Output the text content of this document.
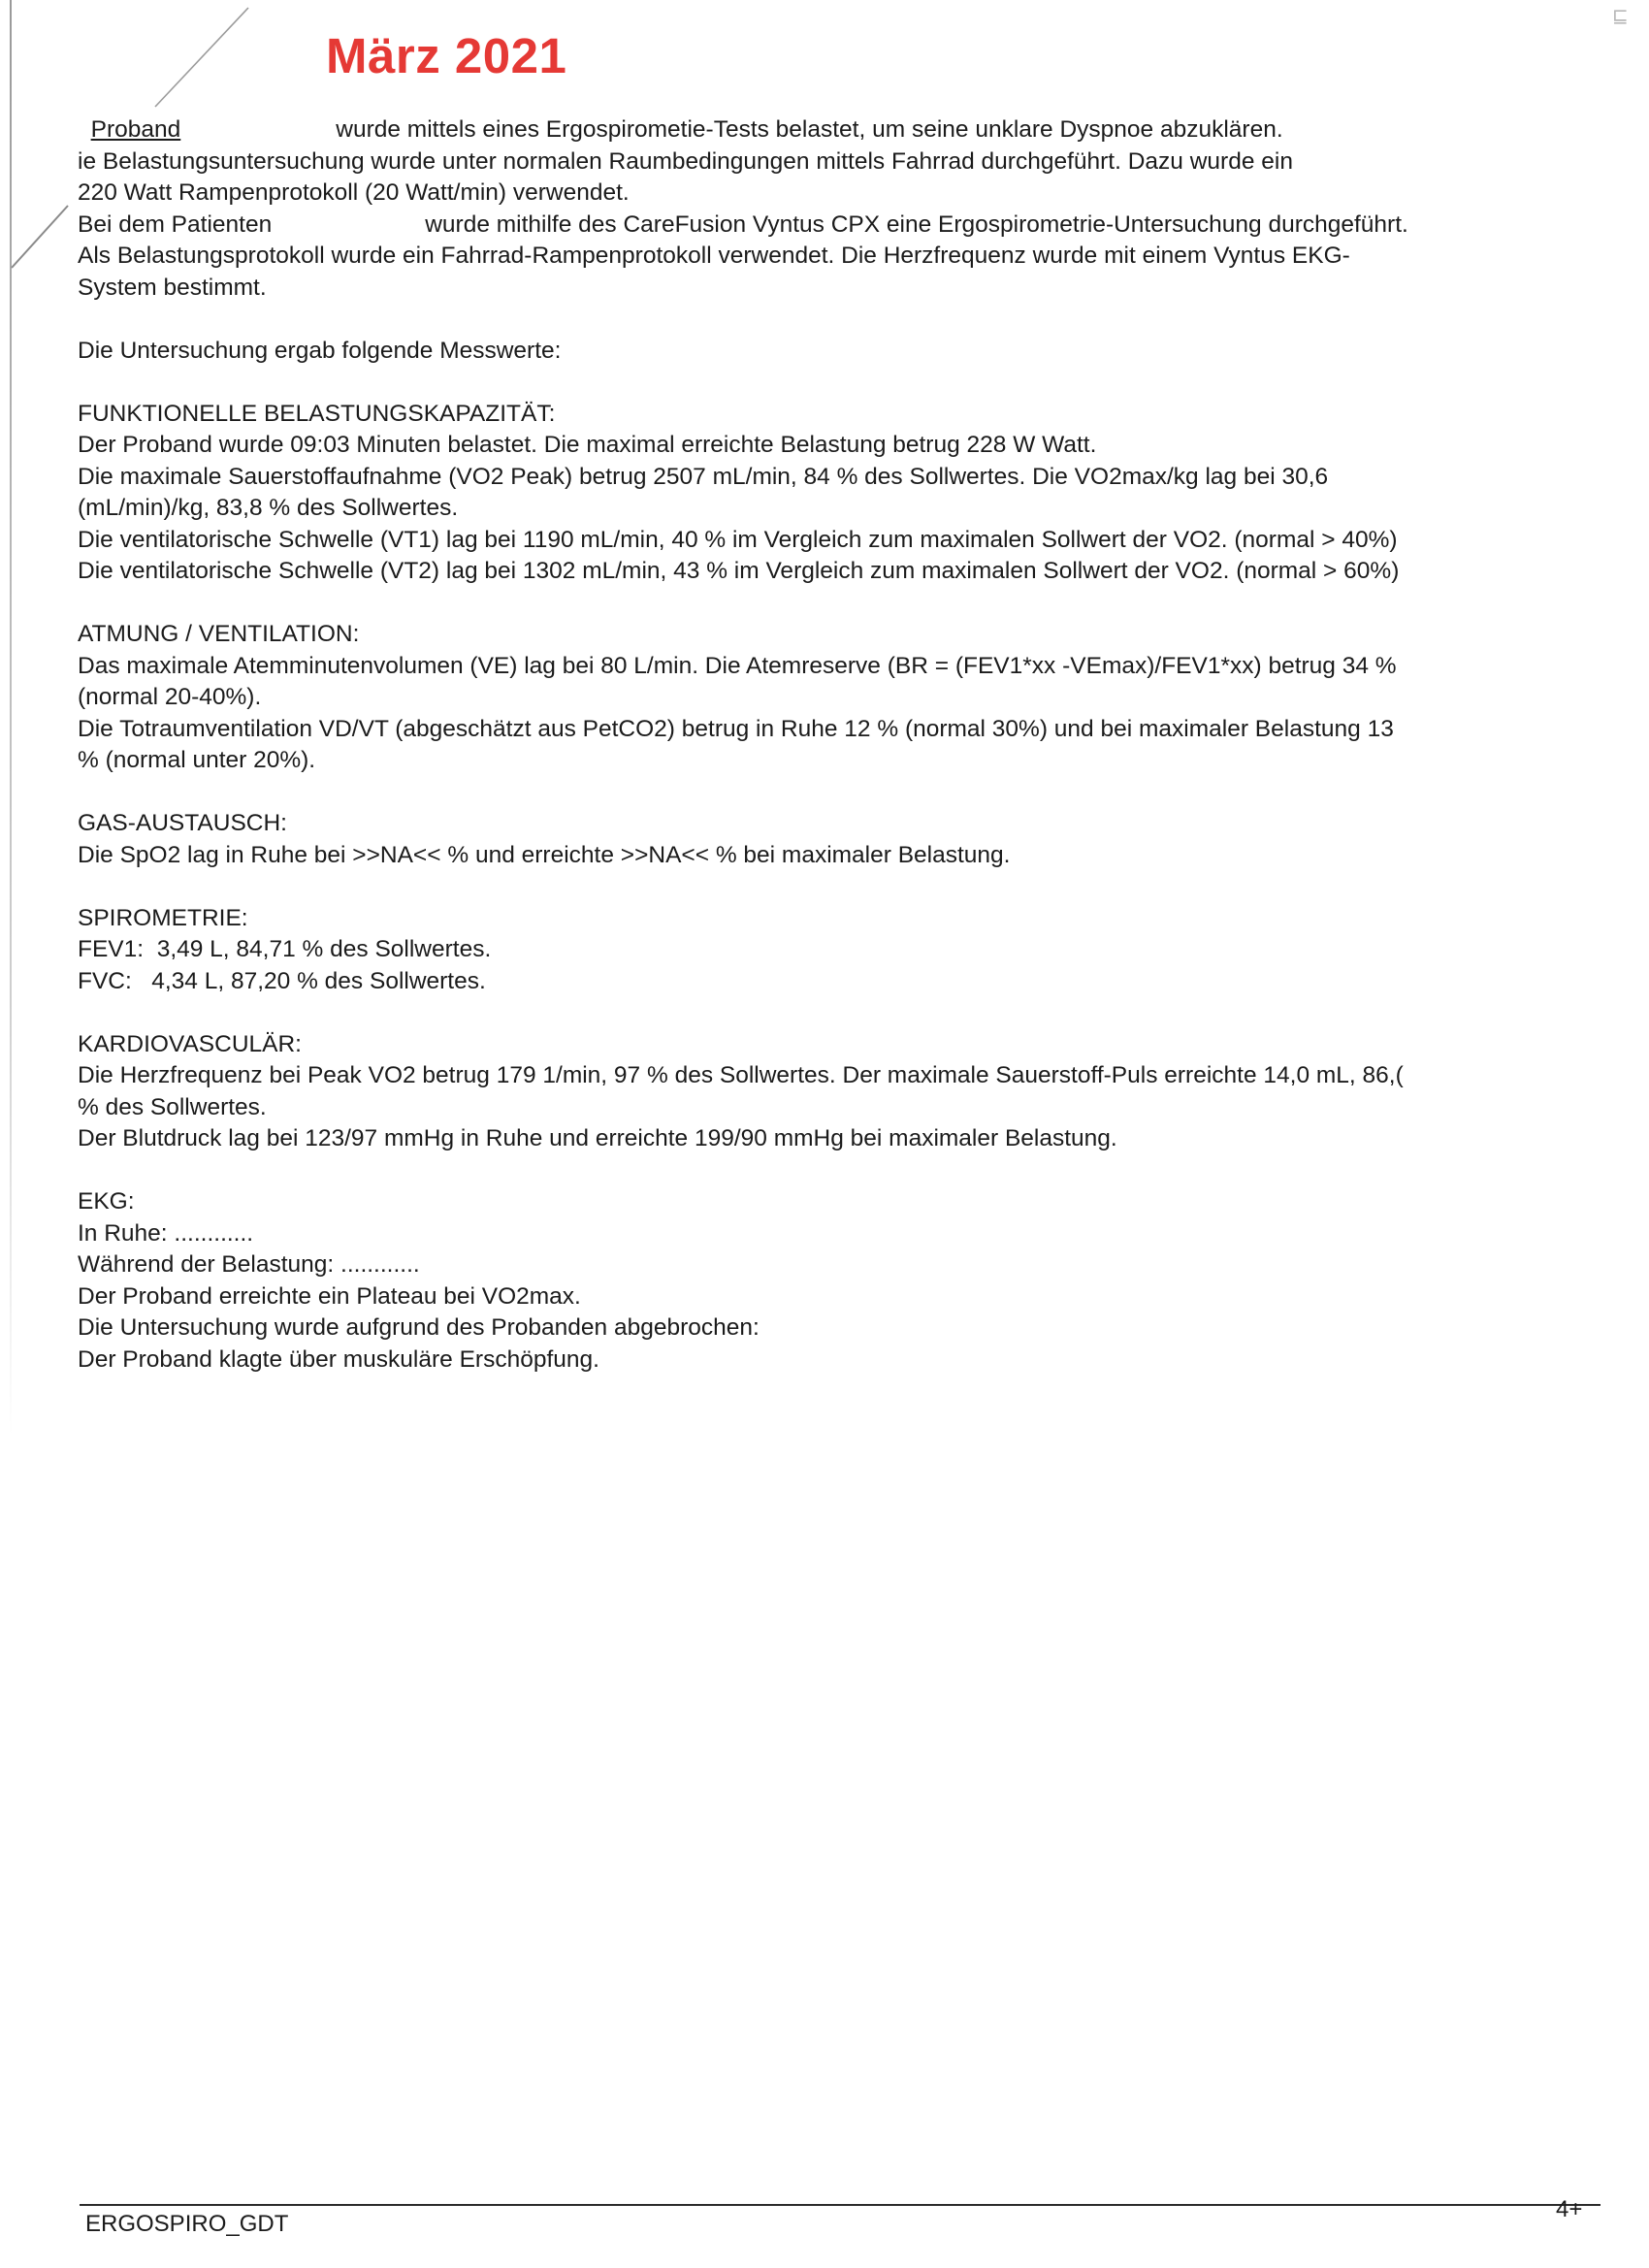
⊑
März 2021
Proband	wurde mittels eines Ergospirometie-Tests belastet, um seine unklare Dyspnoe abzuklären.
ie Belastungsuntersuchung wurde unter normalen Raumbedingungen mittels Fahrrad durchgeführt. Dazu wurde ein
220 Watt Rampenprotokoll (20 Watt/min) verwendet.
Bei dem Patienten	wurde mithilfe des CareFusion Vyntus CPX eine Ergospirometrie-Untersuchung durchgeführt.
Als Belastungsprotokoll wurde ein Fahrrad-Rampenprotokoll verwendet. Die Herzfrequenz wurde mit einem Vyntus EKG-
System bestimmt.
Die Untersuchung ergab folgende Messwerte:
FUNKTIONELLE BELASTUNGSKAPAZITÄT:
Der Proband wurde 09:03 Minuten belastet. Die maximal erreichte Belastung betrug 228 W Watt.
Die maximale Sauerstoffaufnahme (VO2 Peak) betrug 2507 mL/min, 84 % des Sollwertes. Die VO2max/kg lag bei 30,6
(mL/min)/kg, 83,8 % des Sollwertes.
Die ventilatorische Schwelle (VT1) lag bei 1190 mL/min, 40 % im Vergleich zum maximalen Sollwert der VO2. (normal > 40%)
Die ventilatorische Schwelle (VT2) lag bei 1302 mL/min, 43 % im Vergleich zum maximalen Sollwert der VO2. (normal > 60%)
ATMUNG / VENTILATION:
Das maximale Atemminutenvolumen (VE) lag bei 80 L/min. Die Atemreserve (BR = (FEV1*xx -VEmax)/FEV1*xx) betrug 34 %
(normal 20-40%).
Die Totraumventilation VD/VT (abgeschätzt aus PetCO2) betrug in Ruhe 12 % (normal 30%) und bei maximaler Belastung 13
% (normal unter 20%).
GAS-AUSTAUSCH:
Die SpO2 lag in Ruhe bei >>NA<< % und erreichte >>NA<< % bei maximaler Belastung.
SPIROMETRIE:
FEV1:  3,49 L, 84,71 % des Sollwertes.
FVC:   4,34 L, 87,20 % des Sollwertes.
KARDIOVASCULÄR:
Die Herzfrequenz bei Peak VO2 betrug 179 1/min, 97 % des Sollwertes. Der maximale Sauerstoff-Puls erreichte 14,0 mL, 86,(
% des Sollwertes.
Der Blutdruck lag bei 123/97 mmHg in Ruhe und erreichte 199/90 mmHg bei maximaler Belastung.
EKG:
In Ruhe: ............
Während der Belastung: ............
Der Proband erreichte ein Plateau bei VO2max.
Die Untersuchung wurde aufgrund des Probanden abgebrochen:
Der Proband klagte über muskuläre Erschöpfung.
ERGOSPIRO_GDT
4+
